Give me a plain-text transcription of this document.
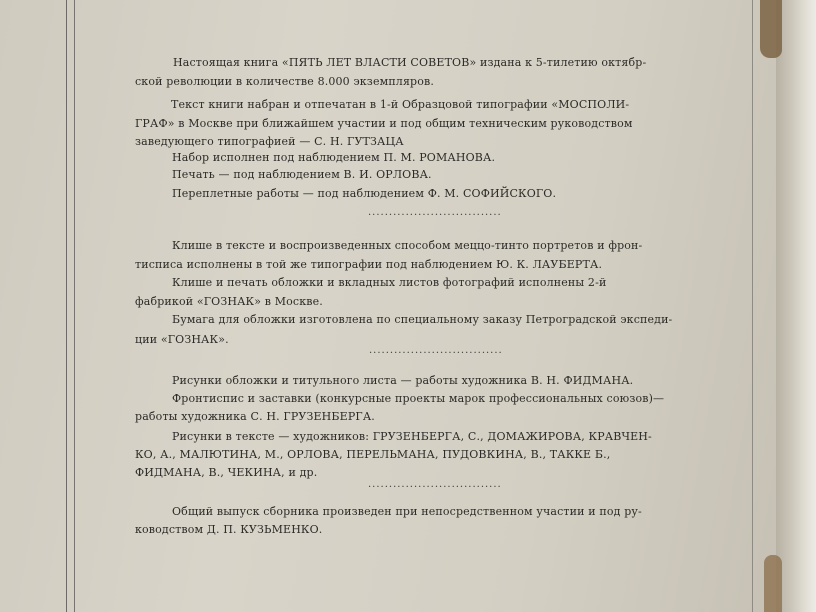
Настоящая книга «ПЯТЬ ЛЕТ ВЛАСТИ СОВЕТОВ» издана к 5-тилетию октябр-
ской революции в количестве 8.000 экземпляров.
Текст книги набран и отпечатан в 1-й Образцовой типографии «МОСПОЛИ-
ГРАФ» в Москве при ближайшем участии и под общим техническим руководством
заведующего типографией — С. Н. ГУТЗАЦА
Набор исполнен под наблюдением П. М. РОМАНОВА.
Печать — под наблюдением В. И. ОРЛОВА.
Переплетные работы — под наблюдением Ф. М. СОФИЙСКОГО.
................................
Клише в тексте и воспроизведенных способом меццо-тинто портретов и фрон-
тисписа исполнены в той же типографии под наблюдением Ю. К. ЛАУБЕРТА.
Клише и печать обложки и вкладных листов фотографий исполнены 2-й
фабрикой «ГОЗНАК» в Москве.
Бумага для обложки изготовлена по специальному заказу Петроградской экспеди-
ции «ГОЗНАК».
................................
Рисунки обложки и титульного листа — работы художника В. Н. ФИДМАНА.
Фронтиспис и заставки (конкурсные проекты марок профессиональных союзов)—
работы художника С. Н. ГРУЗЕНБЕРГА.
Рисунки в тексте — художников: ГРУЗЕНБЕРГА, С., ДОМАЖИРОВА, КРАВЧЕН-
КО, А., МАЛЮТИНА, М., ОРЛОВА, ПЕРЕЛЬМАНА, ПУДОВКИНА, В., ТАККЕ Б.,
ФИДМАНА, В., ЧЕКИНА, и др.
................................
Общий выпуск сборника произведен при непосредственном участии и под ру-
ководством Д. П. КУЗЬМЕНКО.
